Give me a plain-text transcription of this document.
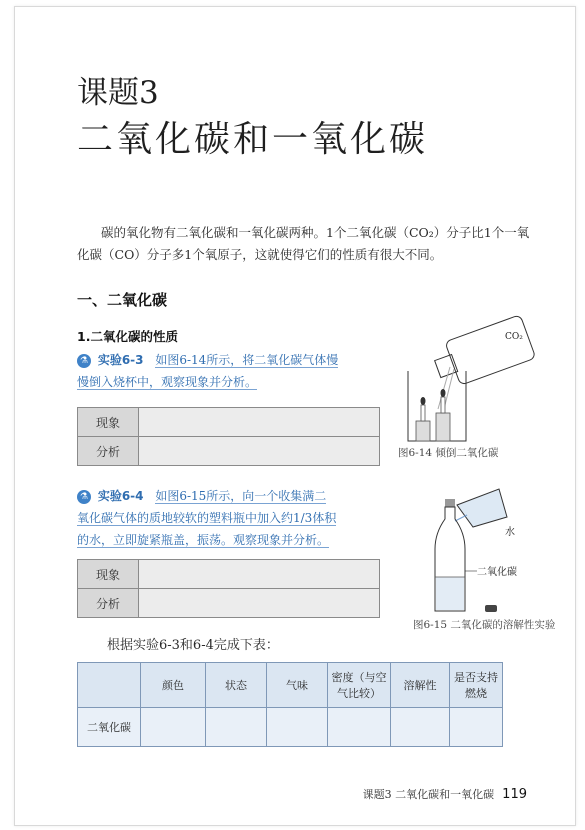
课题3
二氧化碳和一氧化碳
碳的氧化物有二氧化碳和一氧化碳两种。1个二氧化碳（CO₂）分子比1个一氧化碳（CO）分子多1个氧原子，这就使得它们的性质有很大不同。
一、二氧化碳
1.二氧化碳的性质
⚗ 实验6-3 如图6-14所示，将二氧化碳气体慢
慢倒入烧杯中，观察现象并分析。
现象	
分析	
CO₂
图6-14 倾倒二氧化碳
⚗ 实验6-4 如图6-15所示，向一个收集满二
氧化碳气体的质地较软的塑料瓶中加入约1/3体积
的水，立即旋紧瓶盖，振荡。观察现象并分析。
现象	
分析	
水
二氧化碳
图6-15 二氧化碳的溶解性实验
根据实验6-3和6-4完成下表：
	颜色	状态	气味	密度（与空气比较）	溶解性	是否支持燃烧
二氧化碳						
课题3 二氧化碳和一氧化碳 119
